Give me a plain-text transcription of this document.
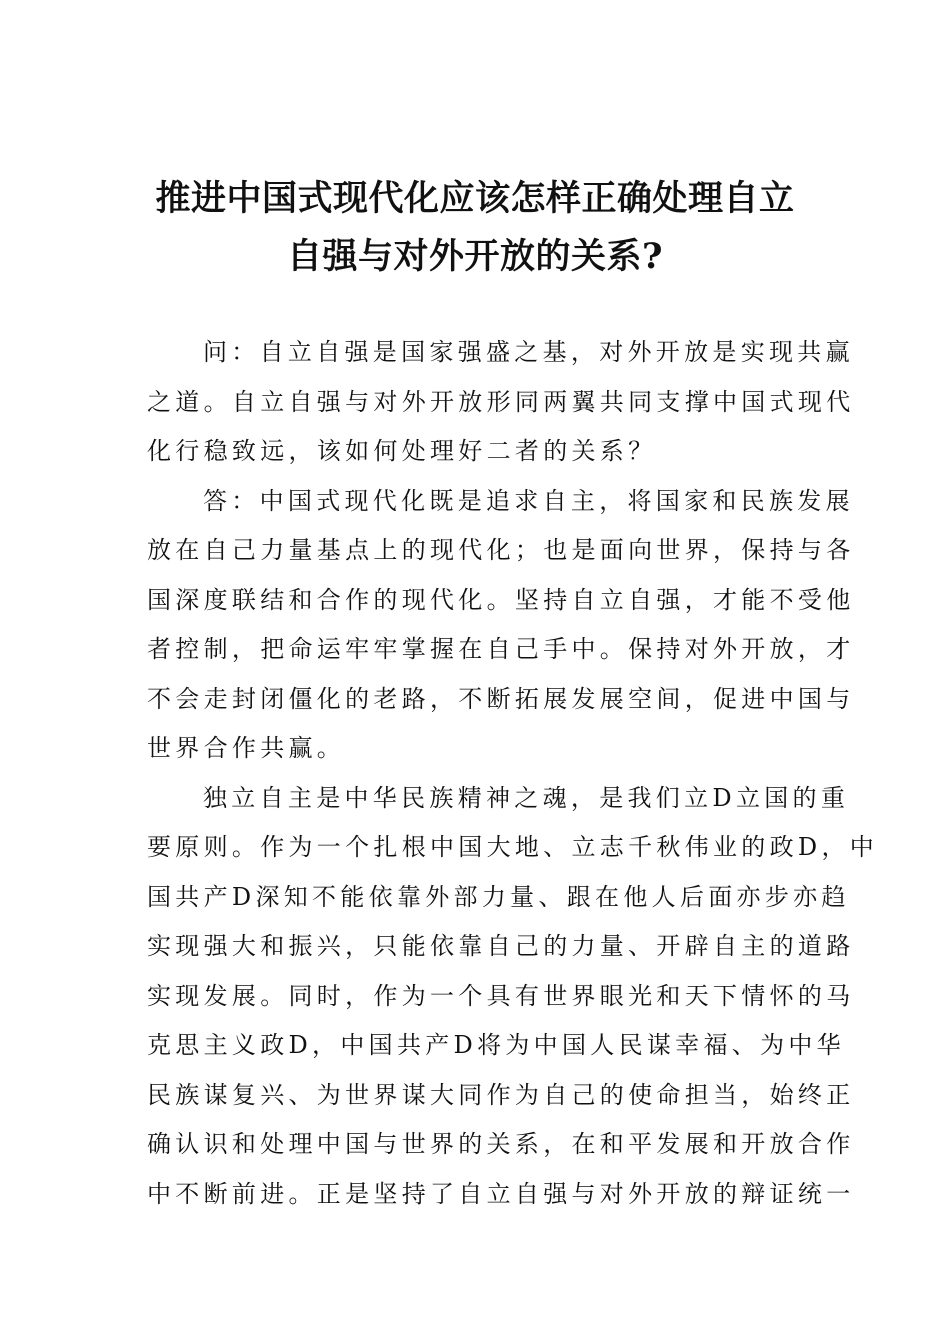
推进中国式现代化应该怎样正确处理自立
自强与对外开放的关系?
问：自立自强是国家强盛之基，对外开放是实现共赢
之道。自立自强与对外开放形同两翼共同支撑中国式现代
化行稳致远，该如何处理好二者的关系？
答：中国式现代化既是追求自主，将国家和民族发展
放在自己力量基点上的现代化；也是面向世界，保持与各
国深度联结和合作的现代化。坚持自立自强，才能不受他
者控制，把命运牢牢掌握在自己手中。保持对外开放，才
不会走封闭僵化的老路，不断拓展发展空间，促进中国与
世界合作共赢。
独立自主是中华民族精神之魂，是我们立D立国的重
要原则。作为一个扎根中国大地、立志千秋伟业的政D，中
国共产D深知不能依靠外部力量、跟在他人后面亦步亦趋
实现强大和振兴，只能依靠自己的力量、开辟自主的道路
实现发展。同时，作为一个具有世界眼光和天下情怀的马
克思主义政D，中国共产D将为中国人民谋幸福、为中华
民族谋复兴、为世界谋大同作为自己的使命担当，始终正
确认识和处理中国与世界的关系，在和平发展和开放合作
中不断前进。正是坚持了自立自强与对外开放的辩证统一
